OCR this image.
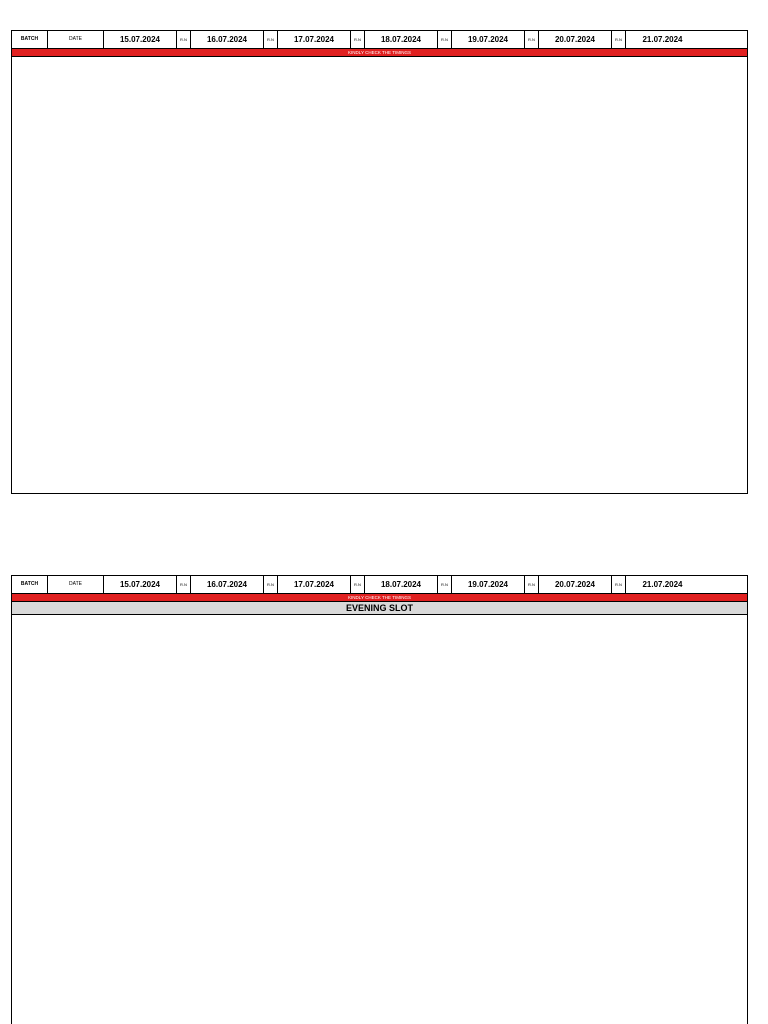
BATCH	DATE	15.07.2024	R.N	16.07.2024	R.N	17.07.2024	R.N	18.07.2024	R.N	19.07.2024	R.N	20.07.2024	R.N	21.07.2024
KINDLY CHECK THE TIMINGS
BATCH	DATE	15.07.2024	R.N	16.07.2024	R.N	17.07.2024	R.N	18.07.2024	R.N	19.07.2024	R.N	20.07.2024	R.N	21.07.2024
KINDLY CHECK THE TIMINGS
EVENING SLOT
